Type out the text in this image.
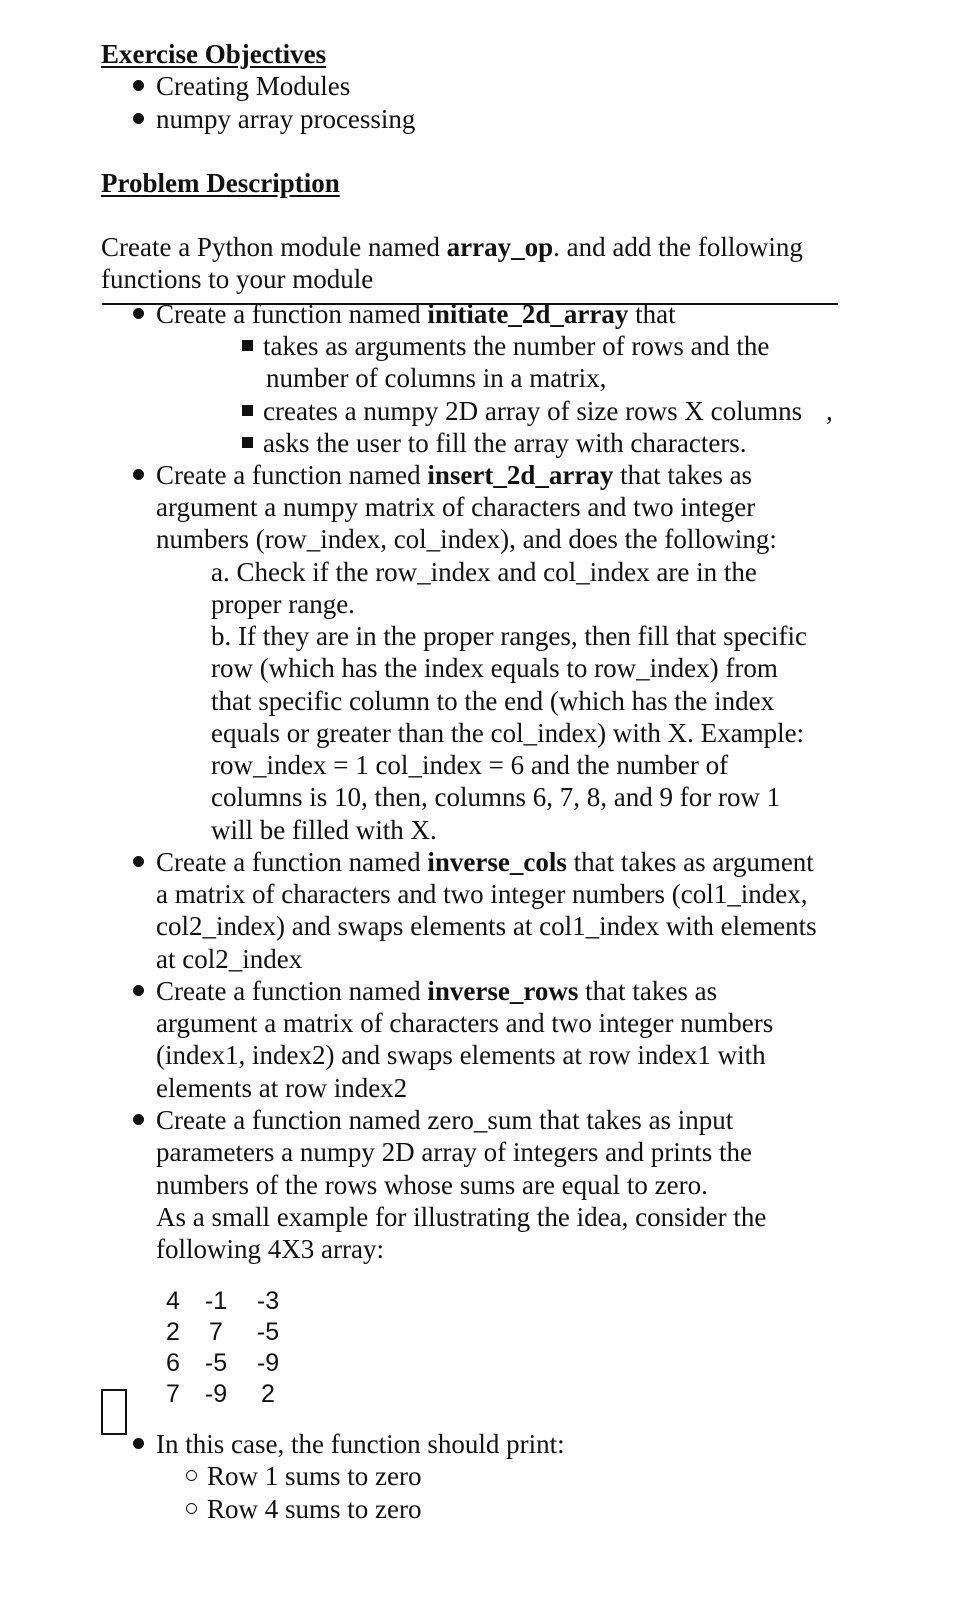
Exercise Objectives
Creating Modules
numpy array processing
Problem Description
Create a Python module named array_op. and add the following
functions to your module
Create a function named initiate_2d_array that
takes as arguments the number of rows and the
number of columns in a matrix,
creates a numpy 2D array of size rows X columns ,
asks the user to fill the array with characters.
Create a function named insert_2d_array that takes as
argument a numpy matrix of characters and two integer
numbers (row_index, col_index), and does the following:
a. Check if the row_index and col_index are in the
proper range.
b. If they are in the proper ranges, then fill that specific
row (which has the index equals to row_index) from
that specific column to the end (which has the index
equals or greater than the col_index) with X. Example:
row_index = 1 col_index = 6 and the number of
columns is 10, then, columns 6, 7, 8, and 9 for row 1
will be filled with X.
Create a function named inverse_cols that takes as argument
a matrix of characters and two integer numbers (col1_index,
col2_index) and swaps elements at col1_index with elements
at col2_index
Create a function named inverse_rows that takes as
argument a matrix of characters and two integer numbers
(index1, index2) and swaps elements at row index1 with
elements at row index2
Create a function named zero_sum that takes as input
parameters a numpy 2D array of integers and prints the
numbers of the rows whose sums are equal to zero.
As a small example for illustrating the idea, consider the
following 4X3 array:
4 -1	-3
2	7	-5
6 -5	-9
7 -9	2
In this case, the function should print:
Row 1 sums to zero
Row 4 sums to zero
